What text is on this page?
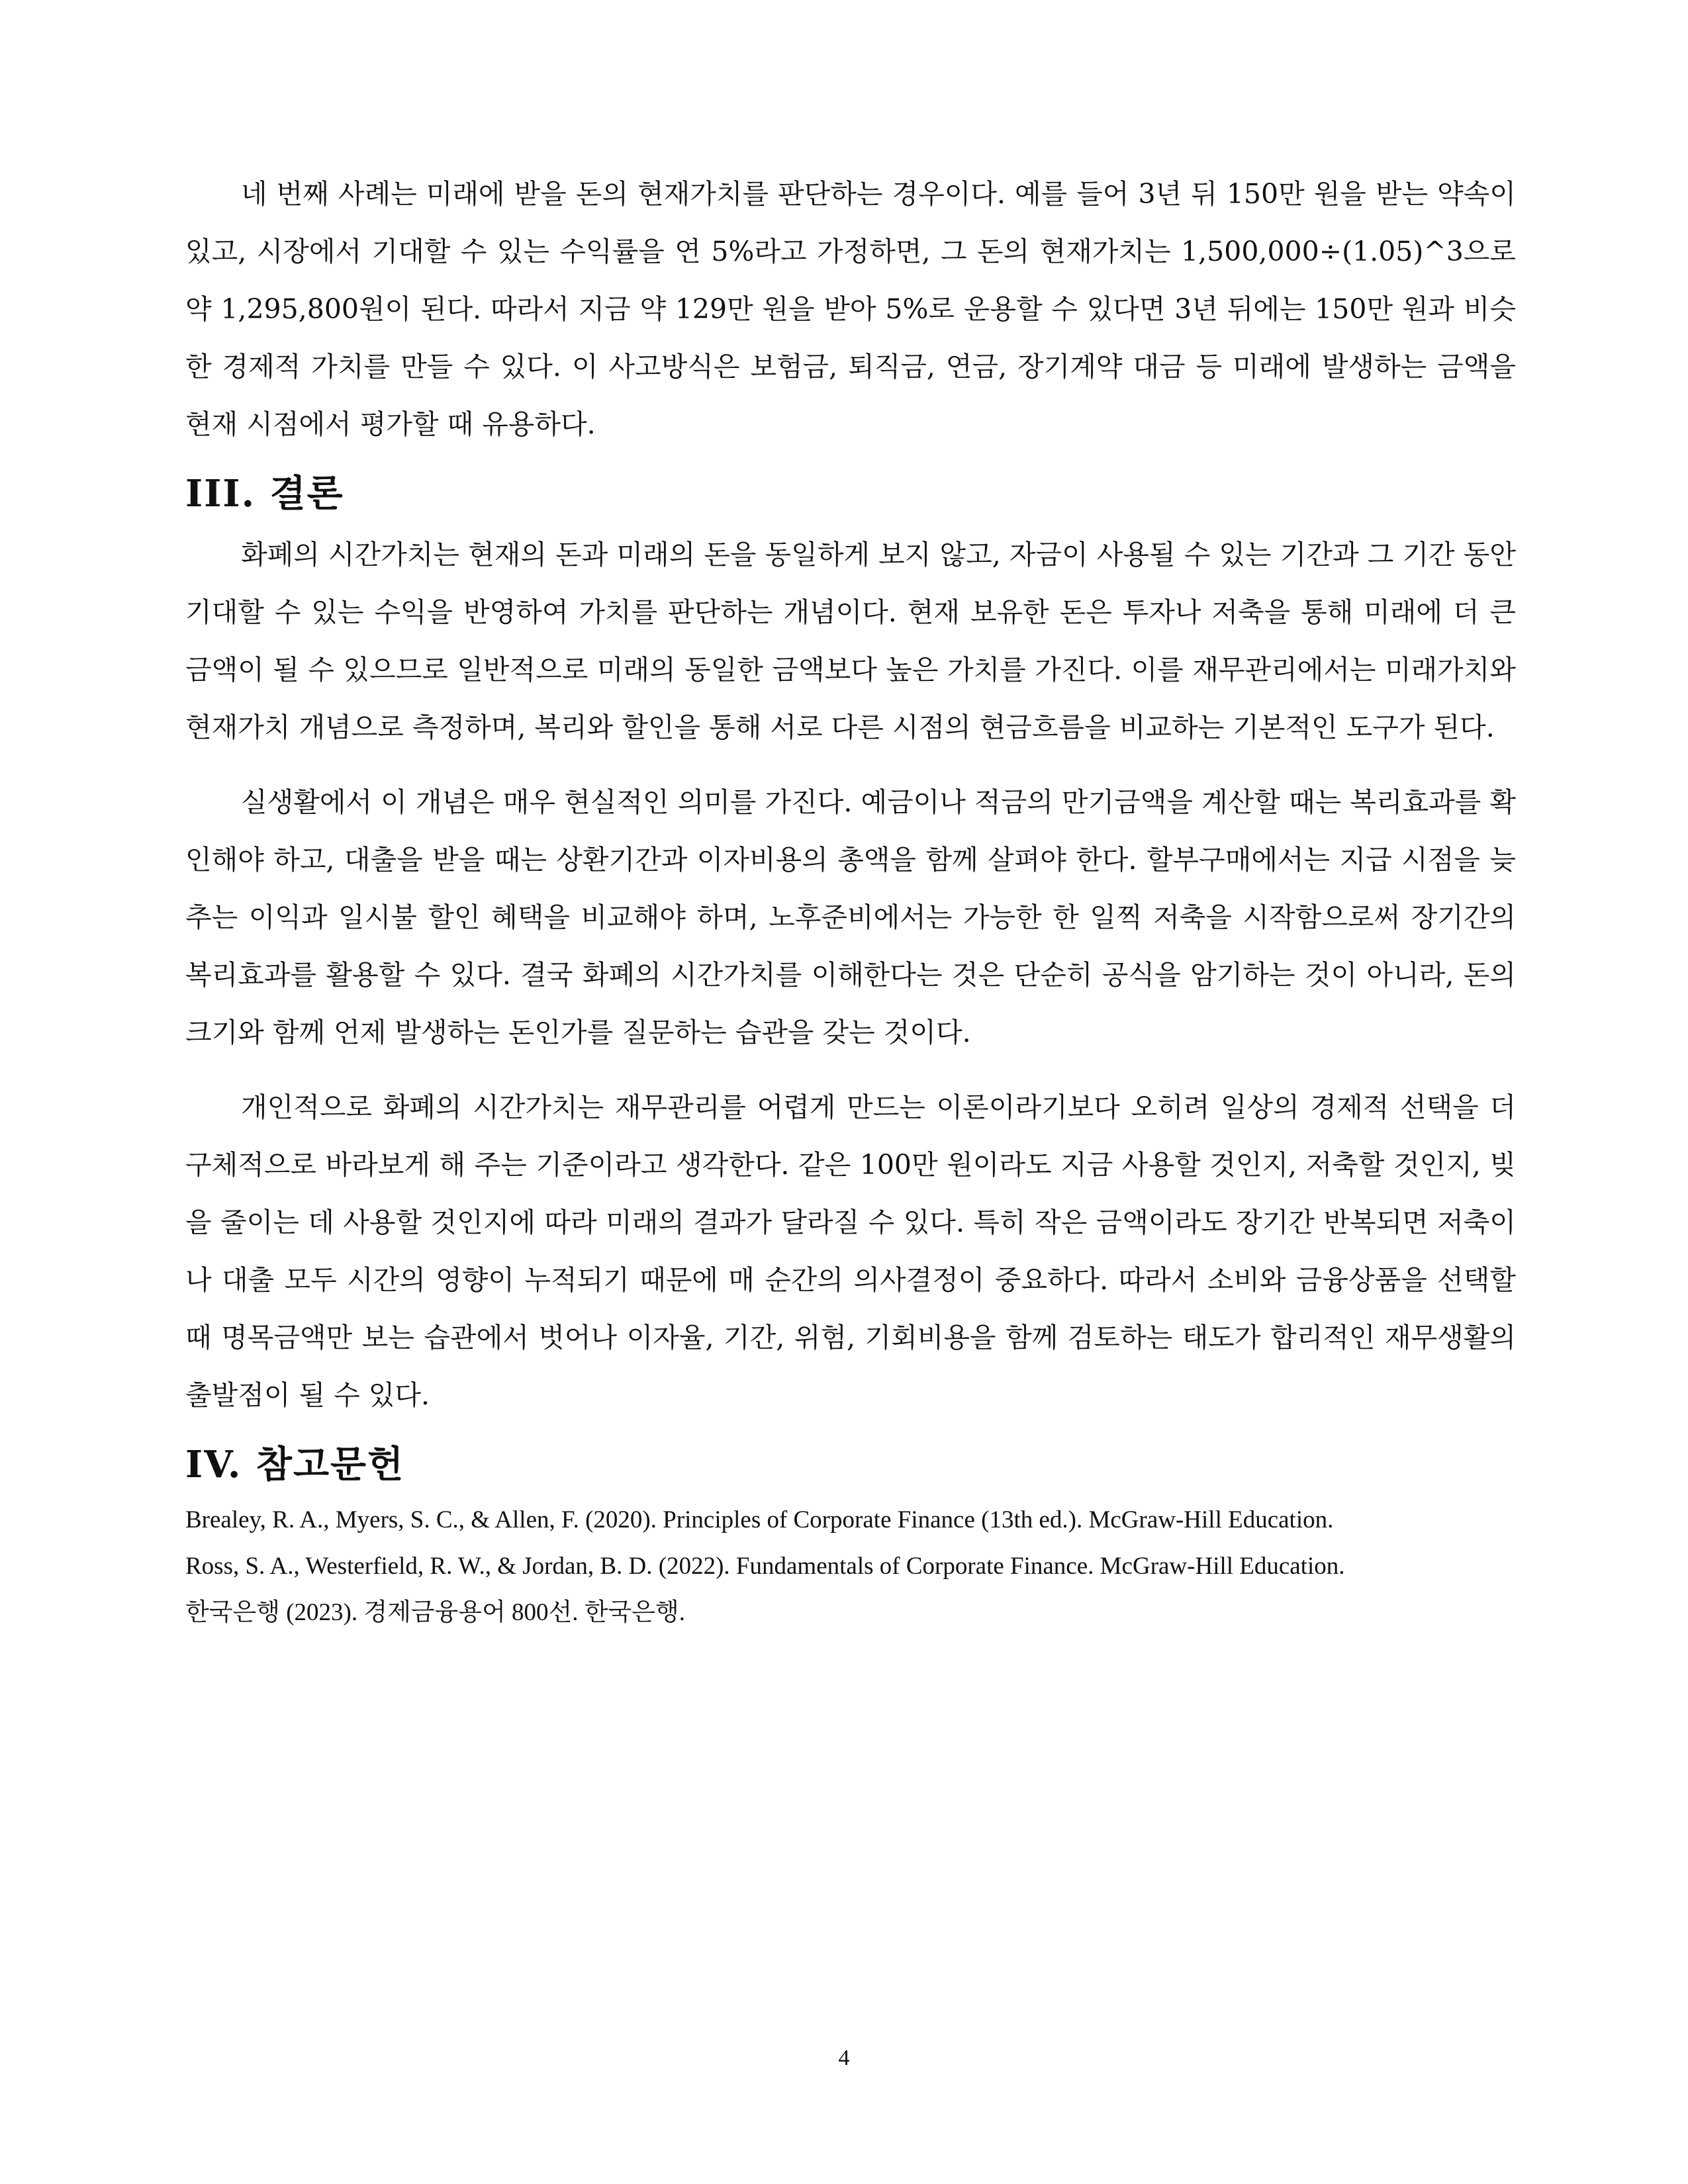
네 번째 사례는 미래에 받을 돈의 현재가치를 판단하는 경우이다. 예를 들어 3년 뒤 150만 원을 받는 약속이 있고, 시장에서 기대할 수 있는 수익률을 연 5%라고 가정하면, 그 돈의 현재가치는 1,500,000÷(1.05)^3으로 약 1,295,800원이 된다. 따라서 지금 약 129만 원을 받아 5%로 운용할 수 있다면 3년 뒤에는 150만 원과 비슷한 경제적 가치를 만들 수 있다. 이 사고방식은 보험금, 퇴직금, 연금, 장기계약 대금 등 미래에 발생하는 금액을 현재 시점에서 평가할 때 유용하다.

III. 결론

화폐의 시간가치는 현재의 돈과 미래의 돈을 동일하게 보지 않고, 자금이 사용될 수 있는 기간과 그 기간 동안 기대할 수 있는 수익을 반영하여 가치를 판단하는 개념이다. 현재 보유한 돈은 투자나 저축을 통해 미래에 더 큰 금액이 될 수 있으므로 일반적으로 미래의 동일한 금액보다 높은 가치를 가진다. 이를 재무관리에서는 미래가치와 현재가치 개념으로 측정하며, 복리와 할인을 통해 서로 다른 시점의 현금흐름을 비교하는 기본적인 도구가 된다.

실생활에서 이 개념은 매우 현실적인 의미를 가진다. 예금이나 적금의 만기금액을 계산할 때는 복리효과를 확인해야 하고, 대출을 받을 때는 상환기간과 이자비용의 총액을 함께 살펴야 한다. 할부구매에서는 지급 시점을 늦추는 이익과 일시불 할인 혜택을 비교해야 하며, 노후준비에서는 가능한 한 일찍 저축을 시작함으로써 장기간의 복리효과를 활용할 수 있다. 결국 화폐의 시간가치를 이해한다는 것은 단순히 공식을 암기하는 것이 아니라, 돈의 크기와 함께 언제 발생하는 돈인가를 질문하는 습관을 갖는 것이다.

개인적으로 화폐의 시간가치는 재무관리를 어렵게 만드는 이론이라기보다 오히려 일상의 경제적 선택을 더 구체적으로 바라보게 해 주는 기준이라고 생각한다. 같은 100만 원이라도 지금 사용할 것인지, 저축할 것인지, 빚을 줄이는 데 사용할 것인지에 따라 미래의 결과가 달라질 수 있다. 특히 작은 금액이라도 장기간 반복되면 저축이나 대출 모두 시간의 영향이 누적되기 때문에 매 순간의 의사결정이 중요하다. 따라서 소비와 금융상품을 선택할 때 명목금액만 보는 습관에서 벗어나 이자율, 기간, 위험, 기회비용을 함께 검토하는 태도가 합리적인 재무생활의 출발점이 될 수 있다.

IV. 참고문헌
Brealey, R. A., Myers, S. C., & Allen, F. (2020). Principles of Corporate Finance (13th ed.). McGraw-Hill Education.
Ross, S. A., Westerfield, R. W., & Jordan, B. D. (2022). Fundamentals of Corporate Finance. McGraw-Hill Education.
한국은행 (2023). 경제금융용어 800선. 한국은행.
4
